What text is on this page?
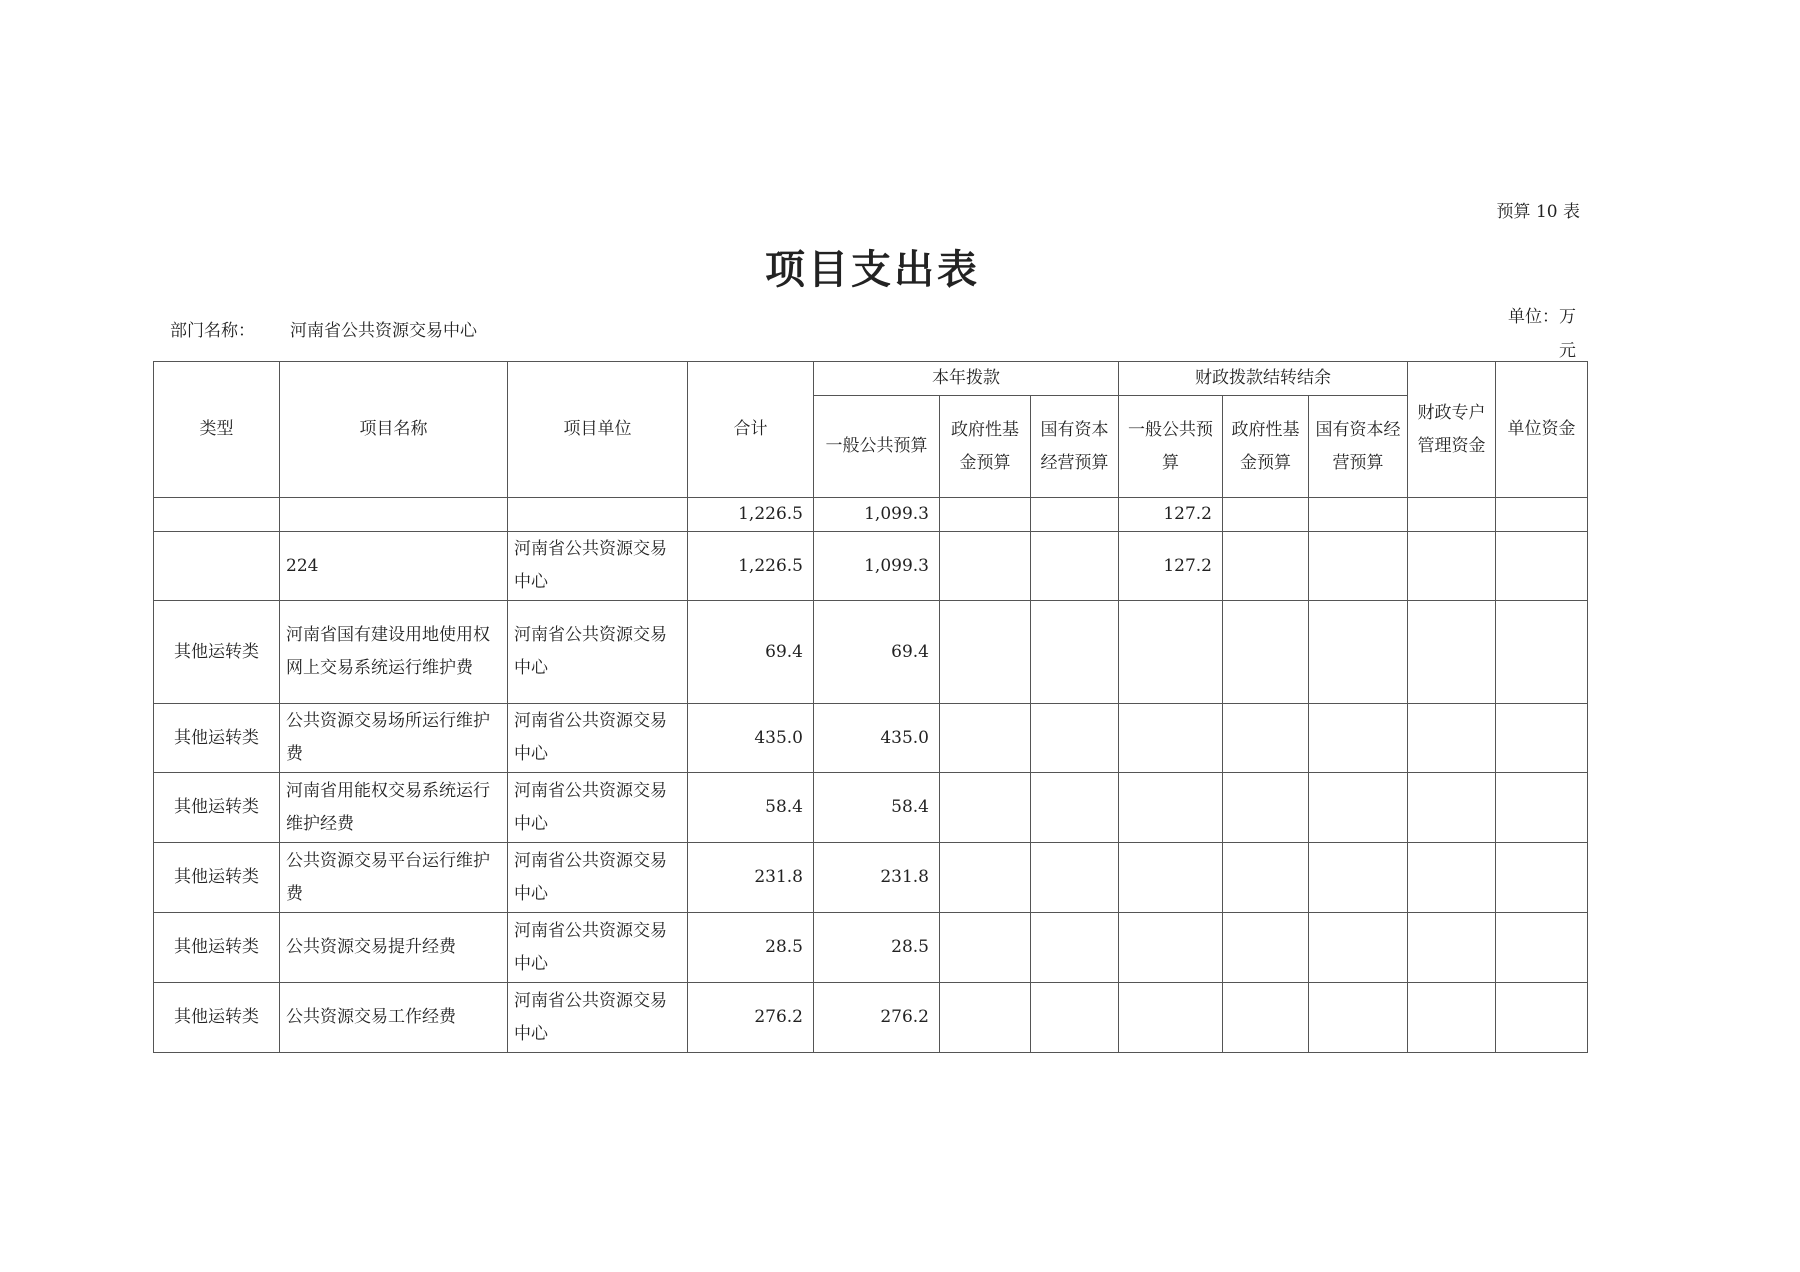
预算 10 表
项目支出表
部门名称： 河南省公共资源交易中心
单位：万
元
类型	项目名称	项目单位	合计	本年拨款			财政拨款结转结余			财政专户管理资金	单位资金
				一般公共预算	政府性基金预算	国有资本经营预算	一般公共预算	政府性基金预算	国有资本经营预算		
			1,226.5	1,099.3			127.2				
	224	河南省公共资源交易中心	1,226.5	1,099.3			127.2				
其他运转类	河南省国有建设用地使用权网上交易系统运行维护费	河南省公共资源交易中心	69.4	69.4							
其他运转类	公共资源交易场所运行维护费	河南省公共资源交易中心	435.0	435.0							
其他运转类	河南省用能权交易系统运行维护经费	河南省公共资源交易中心	58.4	58.4							
其他运转类	公共资源交易平台运行维护费	河南省公共资源交易中心	231.8	231.8							
其他运转类	公共资源交易提升经费	河南省公共资源交易中心	28.5	28.5							
其他运转类	公共资源交易工作经费	河南省公共资源交易中心	276.2	276.2							
